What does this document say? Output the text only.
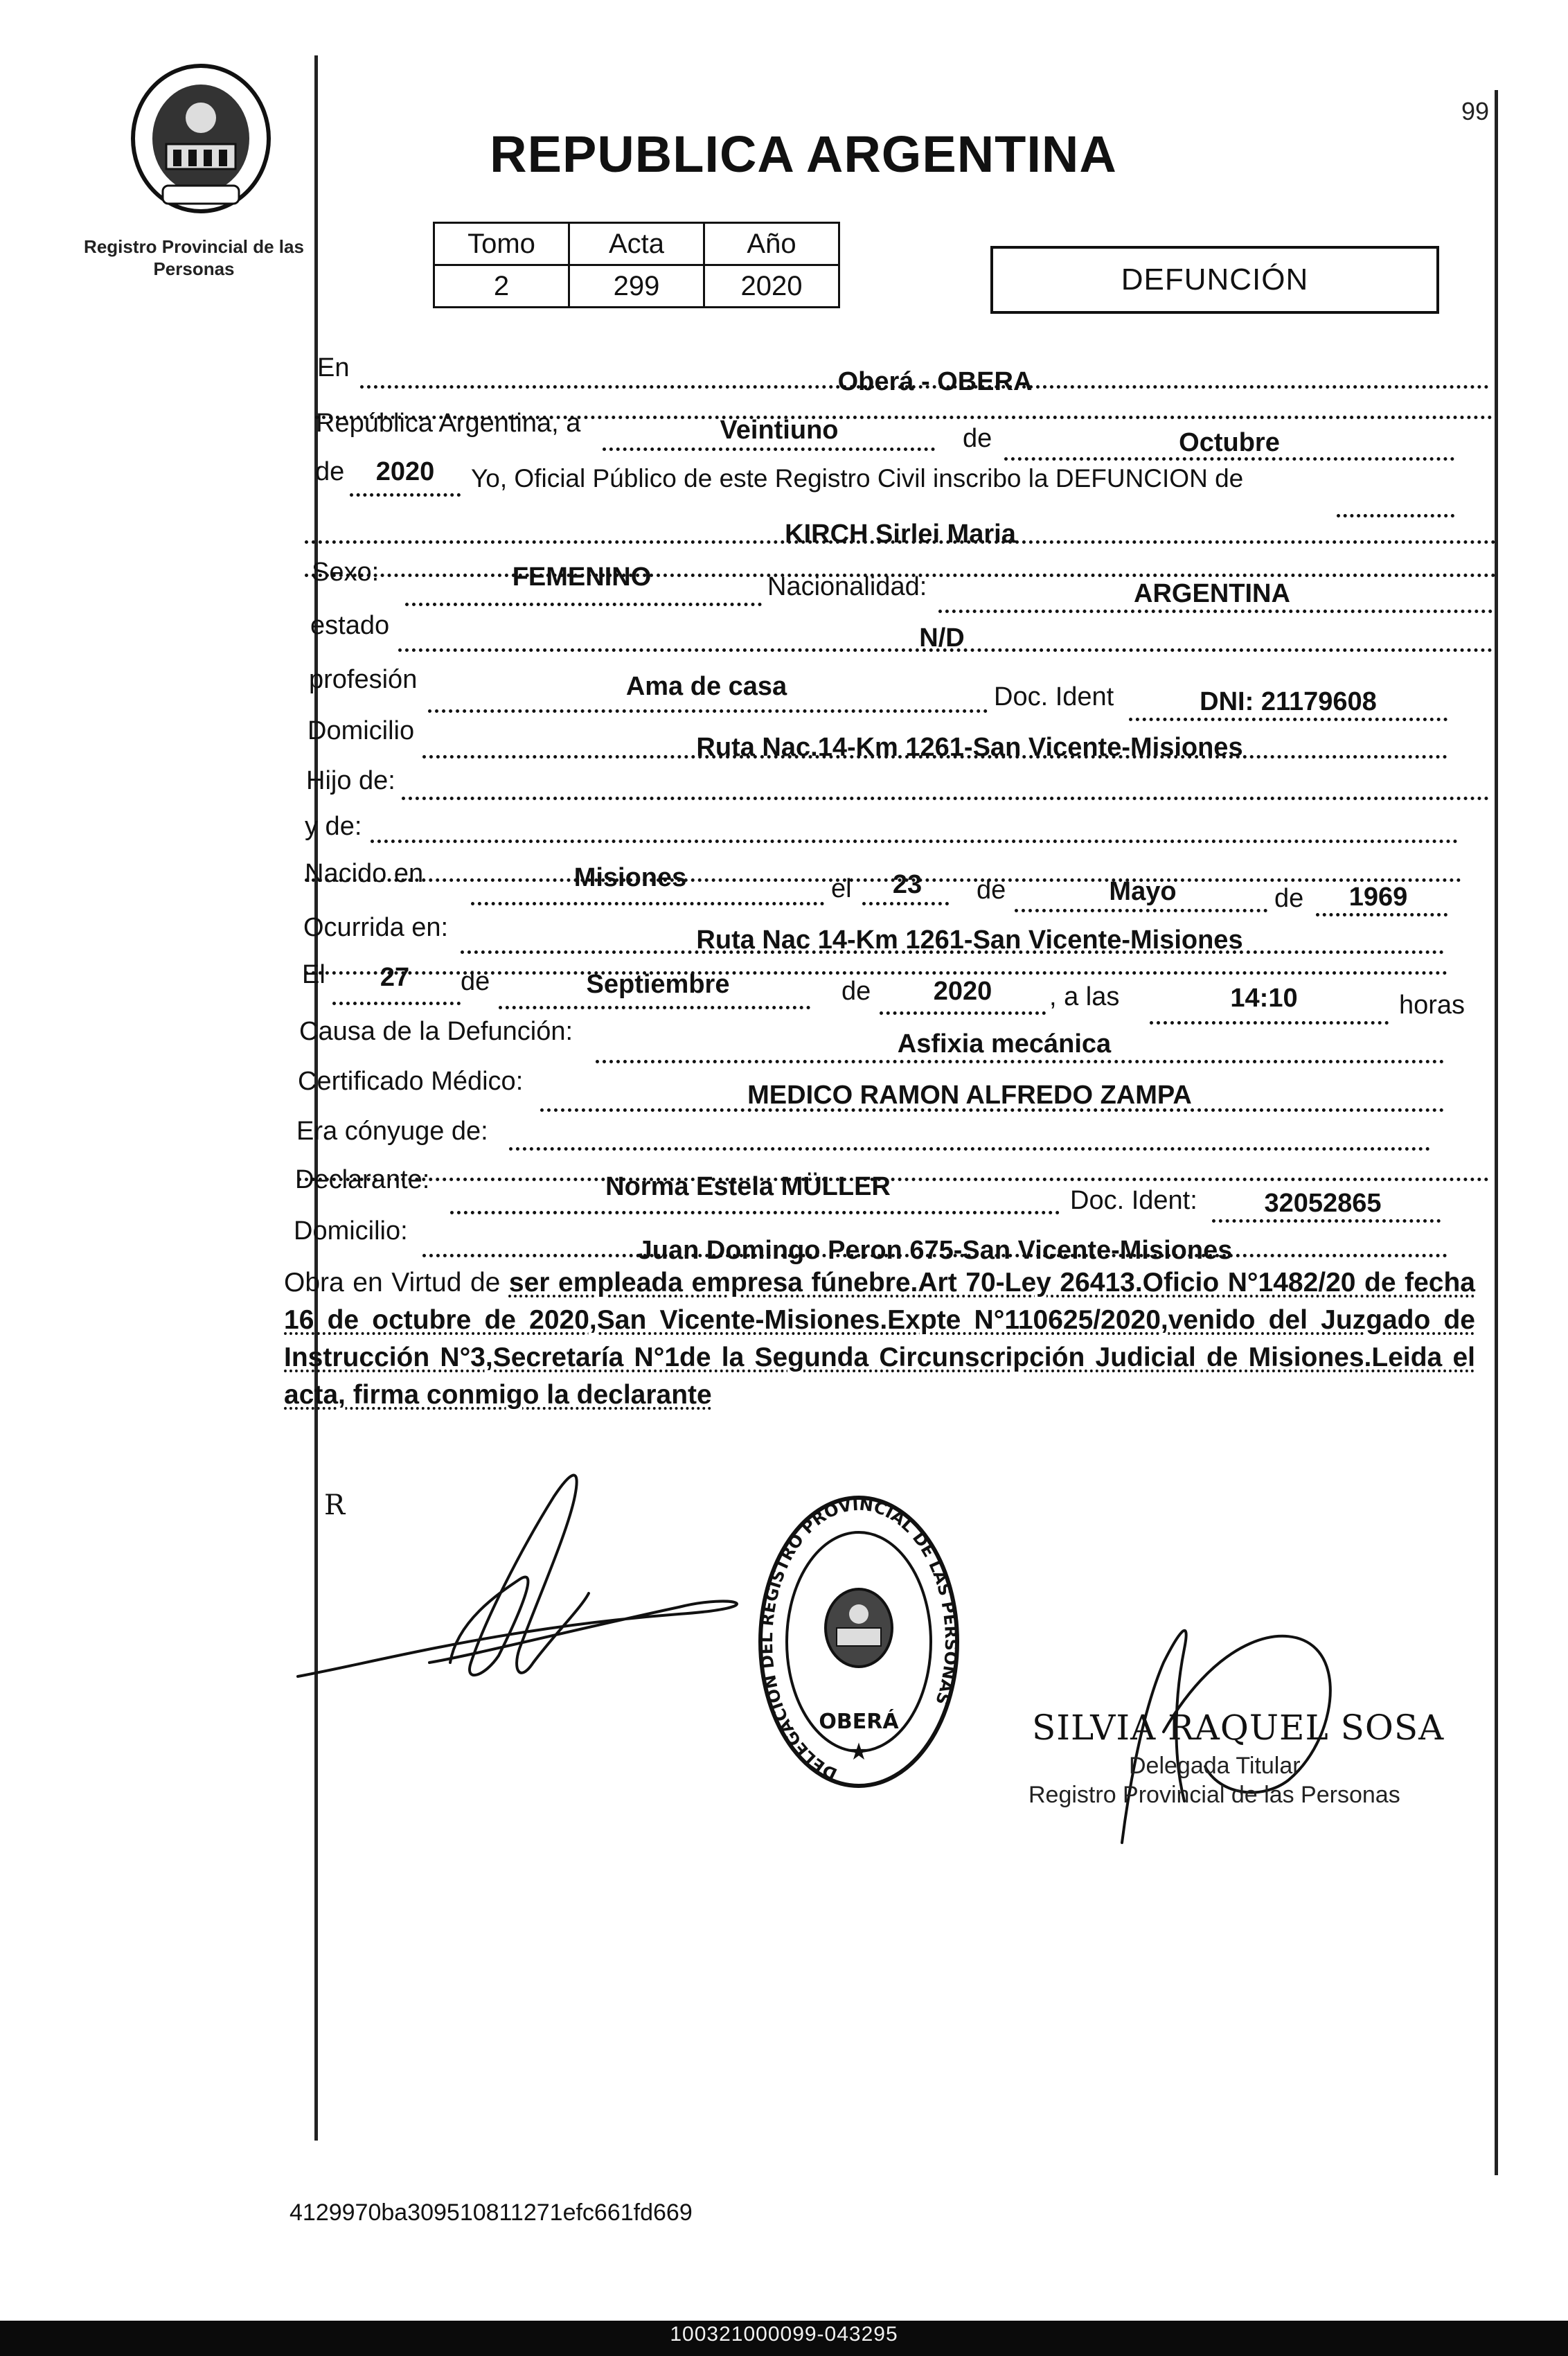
Registro Provincial de las Personas
99
REPUBLICA ARGENTINA
Tomo	Acta	Año
2	299	2020	DEFUNCIÓN
En	Oberá - OBERA
República Argentina, a	Veintiuno	de	Octubre
de	2020	Yo, Oficial Público de este Registro Civil inscribo la DEFUNCION de
KIRCH Sirlei Maria
Sexo:	FEMENINO	Nacionalidad:	ARGENTINA
estado	N/D
profesión	Ama de casa	Doc. Ident	DNI: 21179608
Domicilio
Ruta Nac.14-Km 1261-San Vicente-Misiones
Hijo de:
y de:
Nacido en	Misiones	el	23	de	Mayo	de	1969
Ocurrida en:	Ruta Nac 14-Km 1261-San Vicente-Misiones
El	27	de	Septiembre	de	2020	, a las	14:10	horas
Causa de la Defunción:	Asfixia mecánica
Certificado Médico:	MEDICO RAMON ALFREDO ZAMPA
Era cónyuge de:
Declarante:	Norma Estela MÜLLER	Doc. Ident:	32052865
Domicilio:
Juan Domingo Peron 675-San Vicente-Misiones
Obra en Virtud de ser empleada empresa fúnebre.Art 70-Ley 26413.Oficio N°1482/20 de fecha 16 de octubre de 2020,San Vicente-Misiones.Expte N°110625/2020,venido del Juzgado de Instrucción N°3,Secretaría N°1de la Segunda Circunscripción Judicial de Misiones.Leida el acta, firma conmigo la declarante
R
DELEGACION DEL REGISTRO PROVINCIAL DE LAS PERSONAS
OBERÁ
★
SILVIA RAQUEL SOSA
Delegada Titular
Registro Provincial de las Personas
4129970ba309510811271efc661fd669
100321000099-043295
